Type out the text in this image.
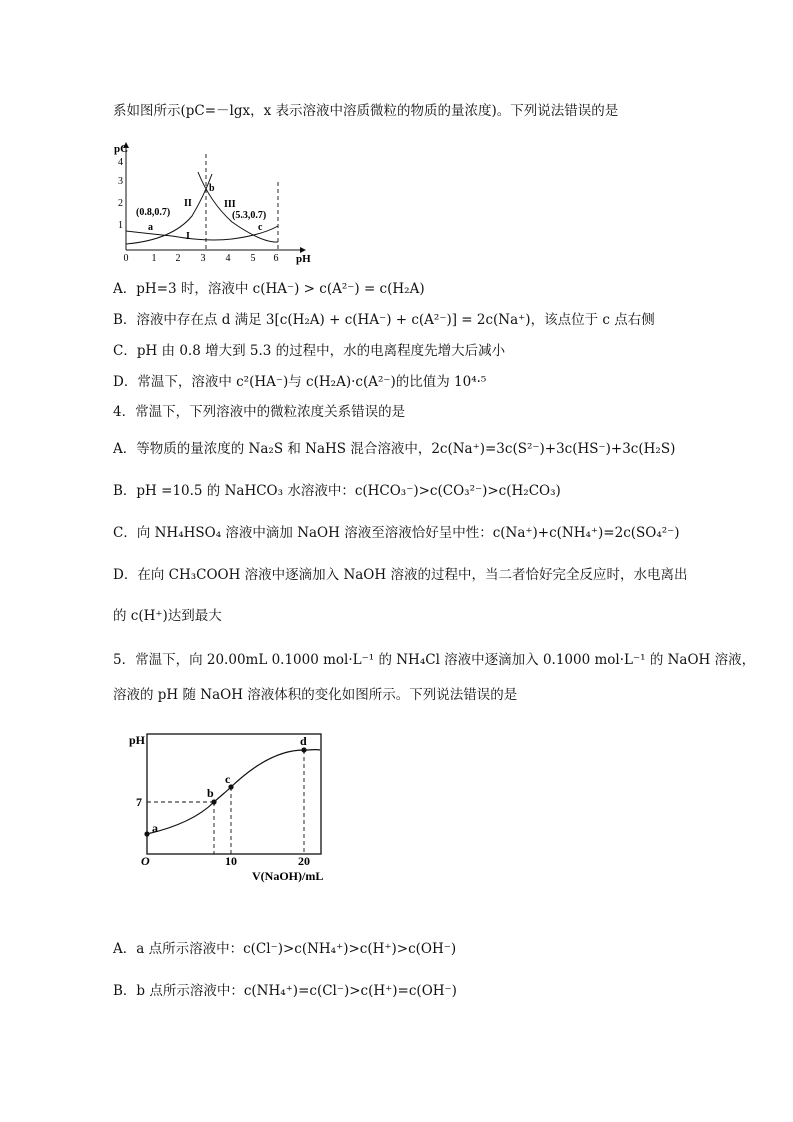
系如图所示(pC=－lgx，x 表示溶液中溶质微粒的物质的量浓度)。下列说法错误的是
pC
pH
1
2
3
4
0 1 2 3 4 5 6
(0.8,0.7)
a
b
II	III
(5.3,0.7)
c
I
A．pH=3 时，溶液中 c(HA⁻) > c(A²⁻) = c(H₂A)
B．溶液中存在点 d 满足 3[c(H₂A) + c(HA⁻) + c(A²⁻)] = 2c(Na⁺)，该点位于 c 点右侧
C．pH 由 0.8 增大到 5.3 的过程中，水的电离程度先增大后减小
D．常温下，溶液中 c²(HA⁻)与 c(H₂A)·c(A²⁻)的比值为 10⁴·⁵
4．常温下，下列溶液中的微粒浓度关系错误的是
A．等物质的量浓度的 Na₂S 和 NaHS 混合溶液中，2c(Na⁺)=3c(S²⁻)+3c(HS⁻)+3c(H₂S)
B．pH =10.5 的 NaHCO₃ 水溶液中：c(HCO₃⁻)>c(CO₃²⁻)>c(H₂CO₃)
C．向 NH₄HSO₄ 溶液中滴加 NaOH 溶液至溶液恰好呈中性：c(Na⁺)+c(NH₄⁺)=2c(SO₄²⁻)
D．在向 CH₃COOH 溶液中逐滴加入 NaOH 溶液的过程中，当二者恰好完全反应时，水电离出
的 c(H⁺)达到最大
5．常温下，向 20.00mL 0.1000 mol·L⁻¹ 的 NH₄Cl 溶液中逐滴加入 0.1000 mol·L⁻¹ 的 NaOH 溶液，
溶液的 pH 随 NaOH 溶液体积的变化如图所示。下列说法错误的是
pH
O
7
10	20
V(NaOH)/mL
a
b
c
d
A．a 点所示溶液中：c(Cl⁻)>c(NH₄⁺)>c(H⁺)>c(OH⁻)
B．b 点所示溶液中：c(NH₄⁺)=c(Cl⁻)>c(H⁺)=c(OH⁻)
